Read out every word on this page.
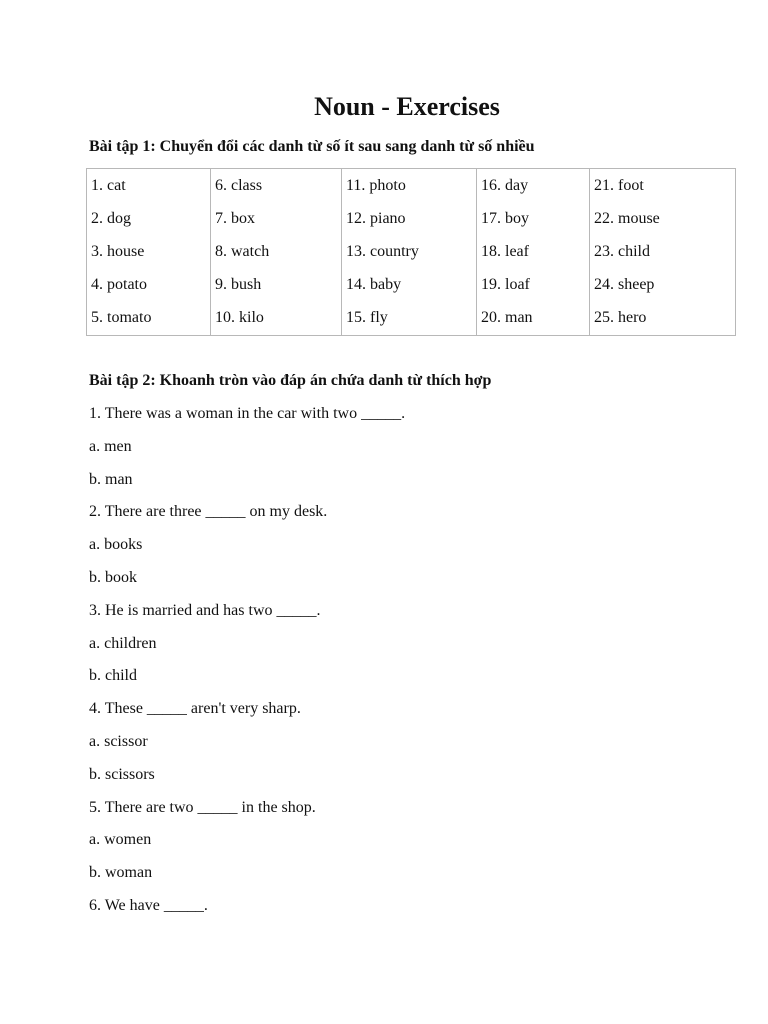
Noun - Exercises
Bài tập 1: Chuyển đổi các danh từ số ít sau sang danh từ số nhiều
1. cat	6. class	11. photo	16. day	21. foot
2. dog	7. box	12. piano	17. boy	22. mouse
3. house	8. watch	13. country	18. leaf	23. child
4. potato	9. bush	14. baby	19. loaf	24. sheep
5. tomato	10. kilo	15. fly	20. man	25. hero
Bài tập 2: Khoanh tròn vào đáp án chứa danh từ thích hợp
1. There was a woman in the car with two _____.
a. men
b. man
2. There are three _____ on my desk.
a. books
b. book
3. He is married and has two _____.
a. children
b. child
4. These _____ aren't very sharp.
a. scissor
b. scissors
5. There are two _____ in the shop.
a. women
b. woman
6. We have _____.
